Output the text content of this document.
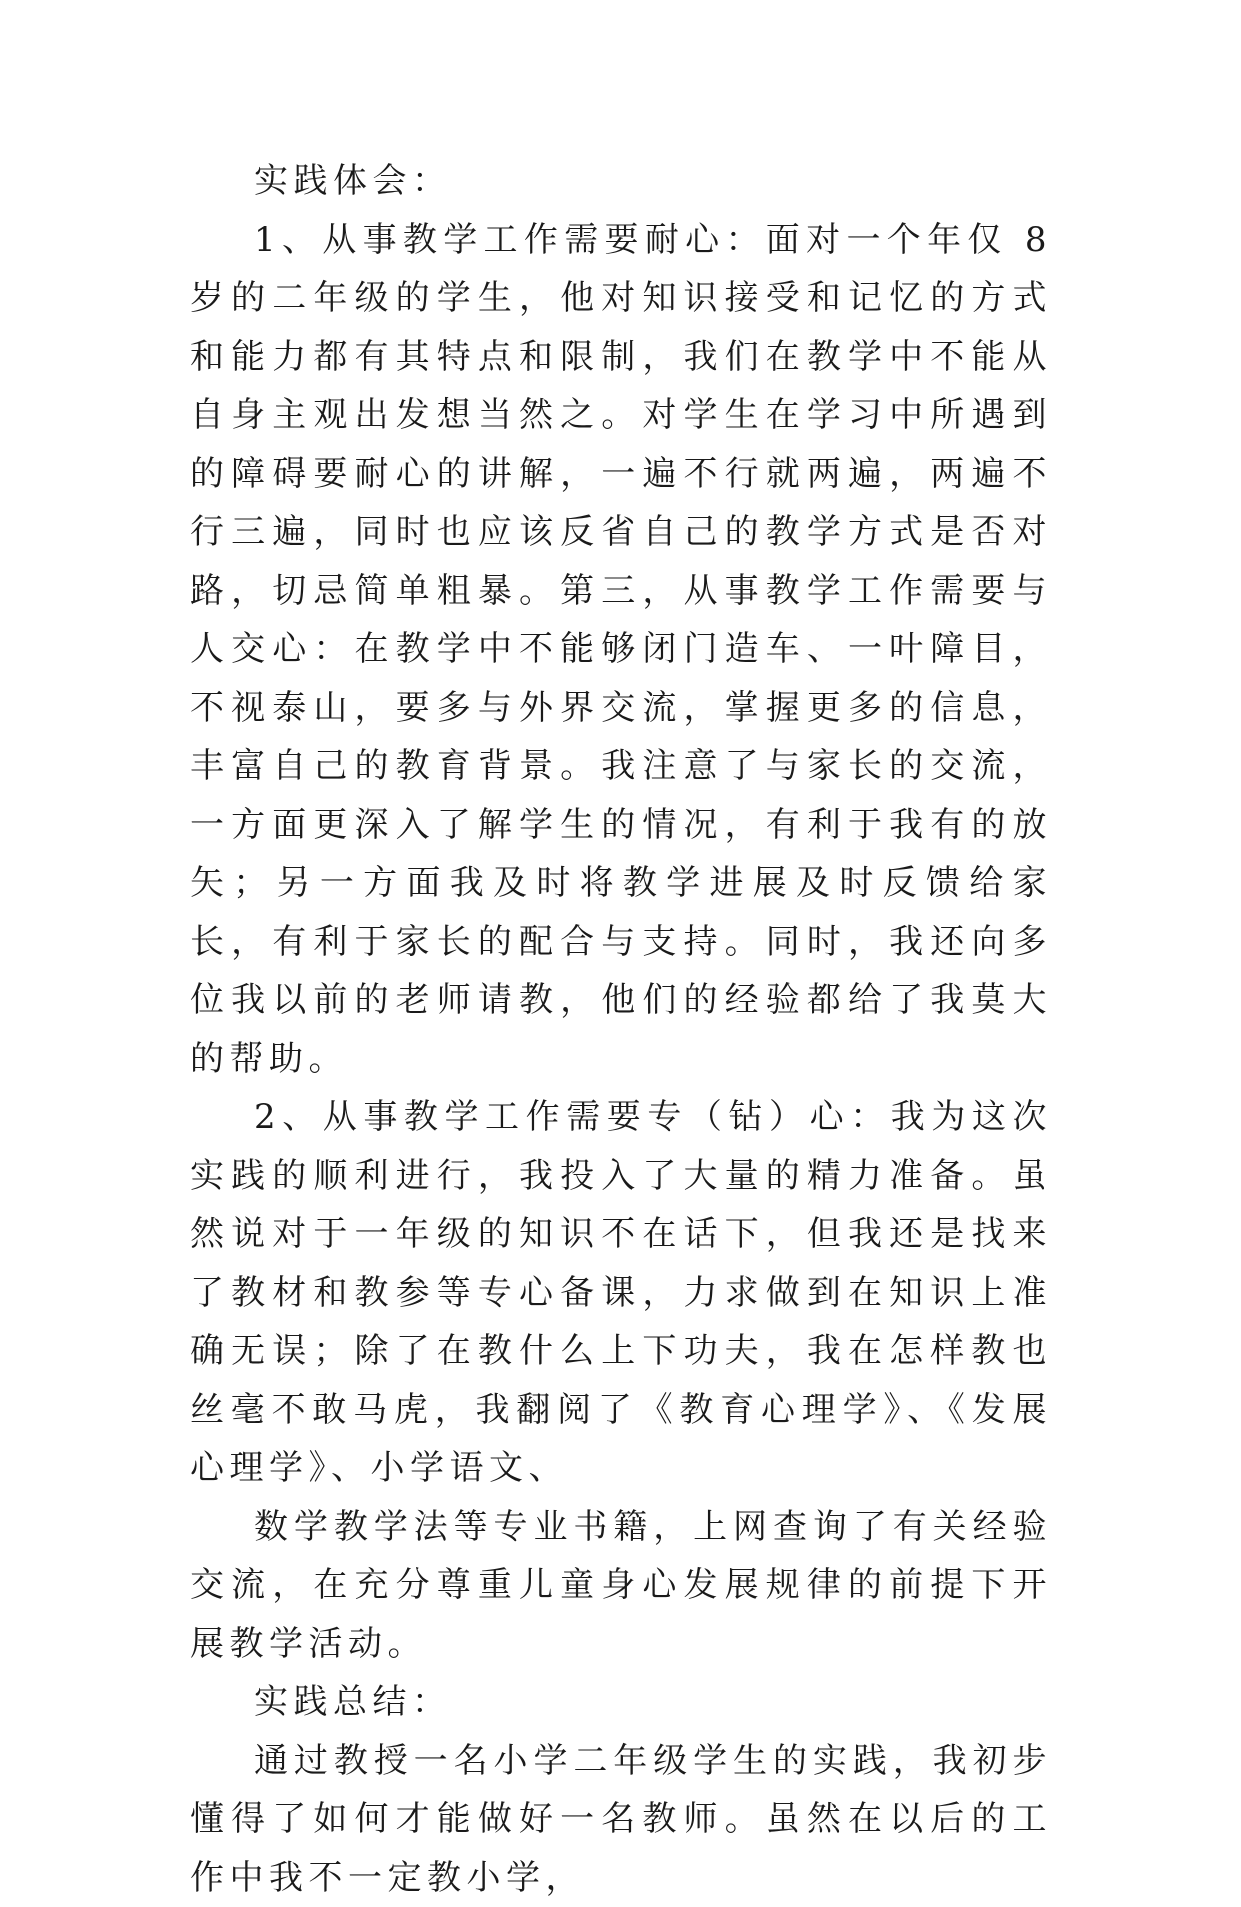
实践体会：

1、从事教学工作需要耐心：面对一个年仅 8 岁的二年级的学生，他对知识接受和记忆的方式和能力都有其特点和限制，我们在教学中不能从自身主观出发想当然之。对学生在学习中所遇到的障碍要耐心的讲解，一遍不行就两遍，两遍不行三遍，同时也应该反省自己的教学方式是否对路，切忌简单粗暴。第三，从事教学工作需要与人交心：在教学中不能够闭门造车、一叶障目，不视泰山，要多与外界交流，掌握更多的信息，丰富自己的教育背景。我注意了与家长的交流，一方面更深入了解学生的情况，有利于我有的放矢；另一方面我及时将教学进展及时反馈给家长，有利于家长的配合与支持。同时，我还向多位我以前的老师请教，他们的经验都给了我莫大的帮助。

2、从事教学工作需要专（钻）心：我为这次实践的顺利进行，我投入了大量的精力准备。虽然说对于一年级的知识不在话下，但我还是找来了教材和教参等专心备课，力求做到在知识上准确无误；除了在教什么上下功夫，我在怎样教也丝毫不敢马虎，我翻阅了《教育心理学》、《发展心理学》、小学语文、

数学教学法等专业书籍，上网查询了有关经验交流，在充分尊重儿童身心发展规律的前提下开展教学活动。

实践总结：

通过教授一名小学二年级学生的实践，我初步懂得了如何才能做好一名教师。虽然在以后的工作中我不一定教小学，
